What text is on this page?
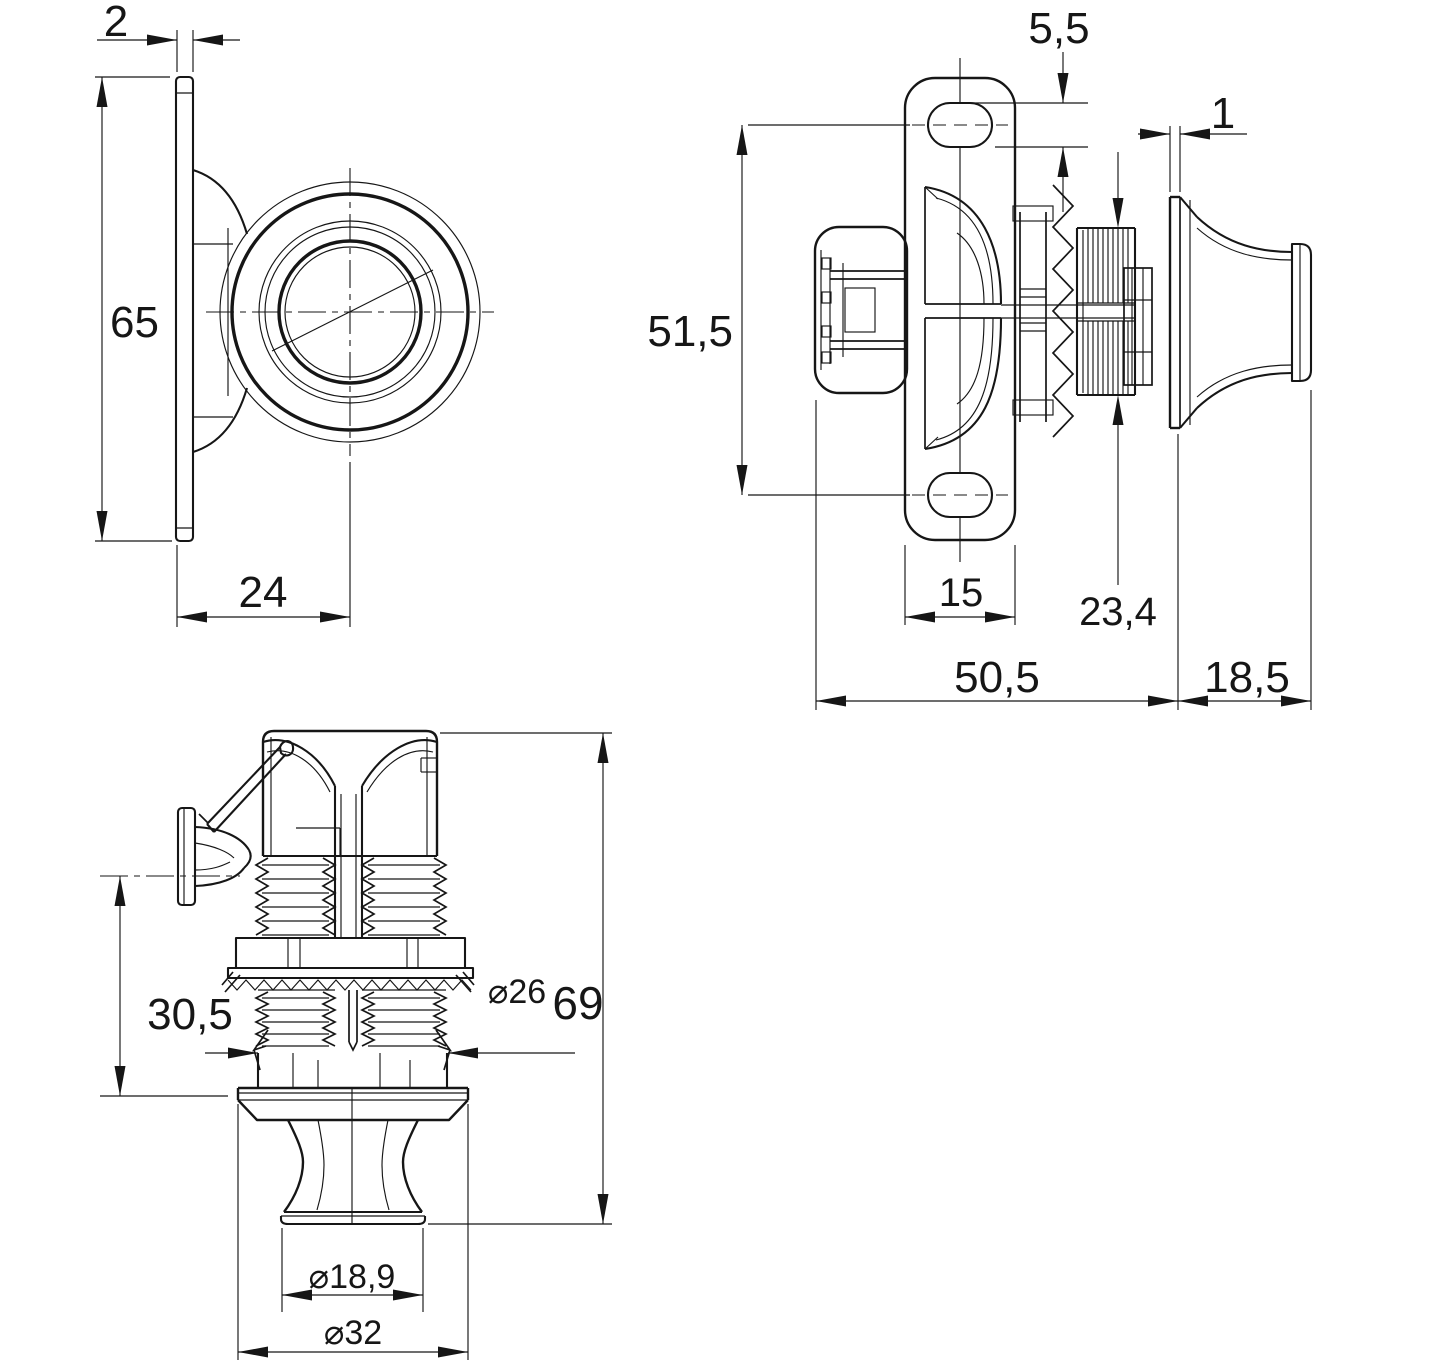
2
65
24
5,5
1
51,5
15 23,4
50,5	18,5
69
30,5	⌀26
⌀18,9
⌀32
